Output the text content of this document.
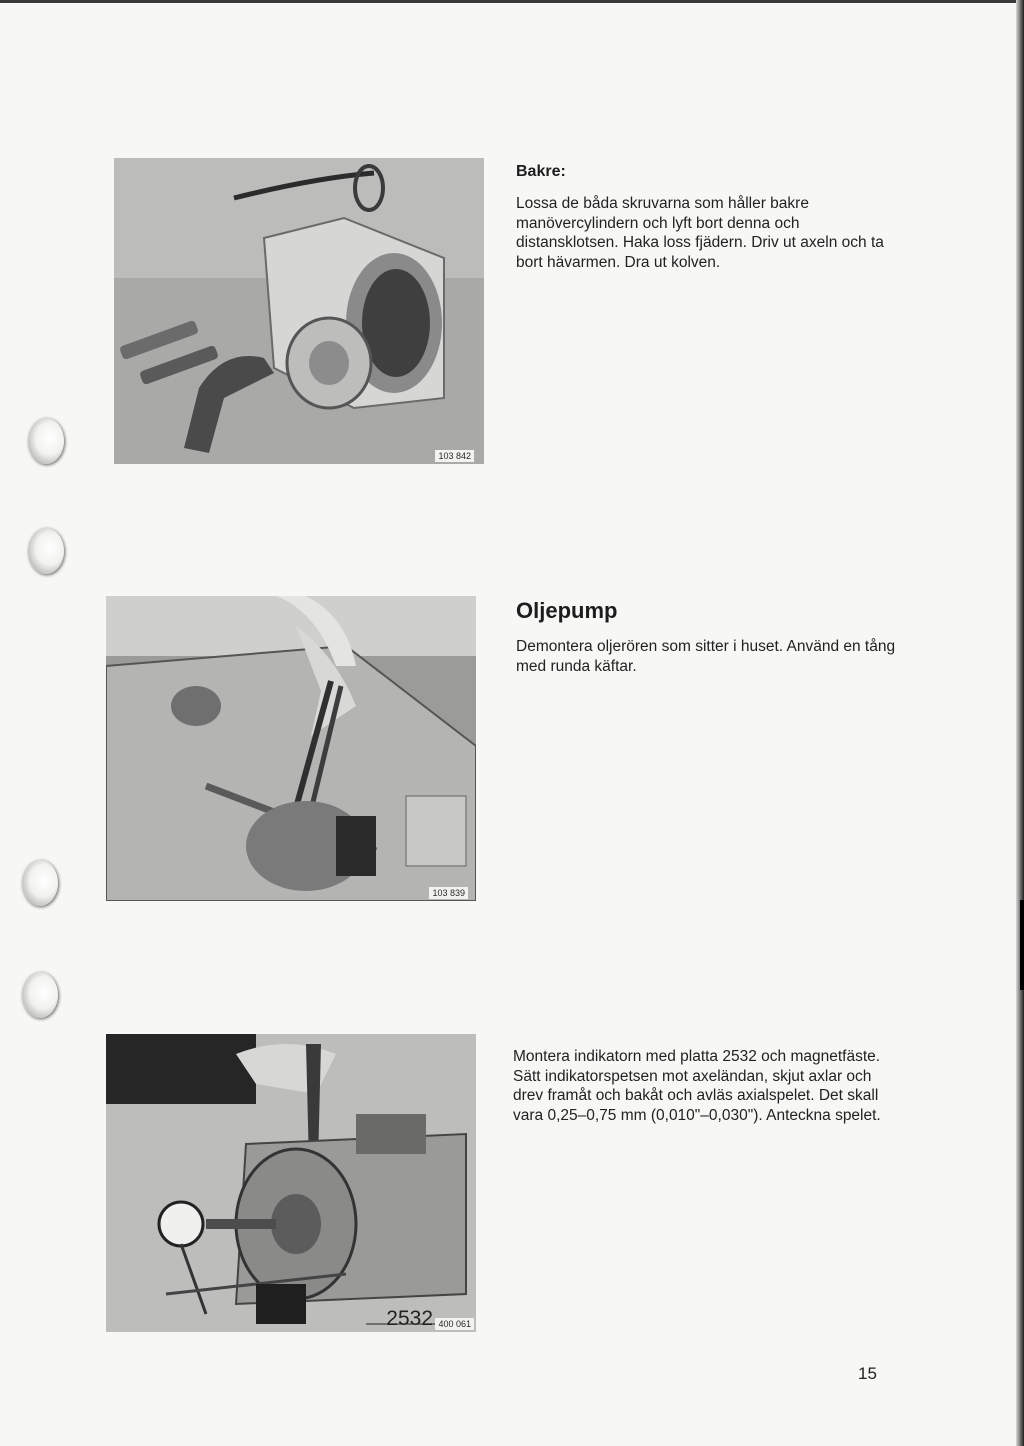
103 842
Bakre:
Lossa de båda skruvarna som håller bakre manövercylindern och lyft bort denna och distansklotsen. Haka loss fjädern. Driv ut axeln och ta bort hävarmen. Dra ut kolven.
103 839
Oljepump
Demontera oljerören som sitter i huset. Använd en tång med runda käftar.
2532 400 061
Montera indikatorn med platta 2532 och magnetfäste. Sätt indikatorspetsen mot axeländan, skjut axlar och drev framåt och bakåt och avläs axialspelet. Det skall vara 0,25–0,75 mm (0,010"–0,030"). Anteckna spelet.
15
